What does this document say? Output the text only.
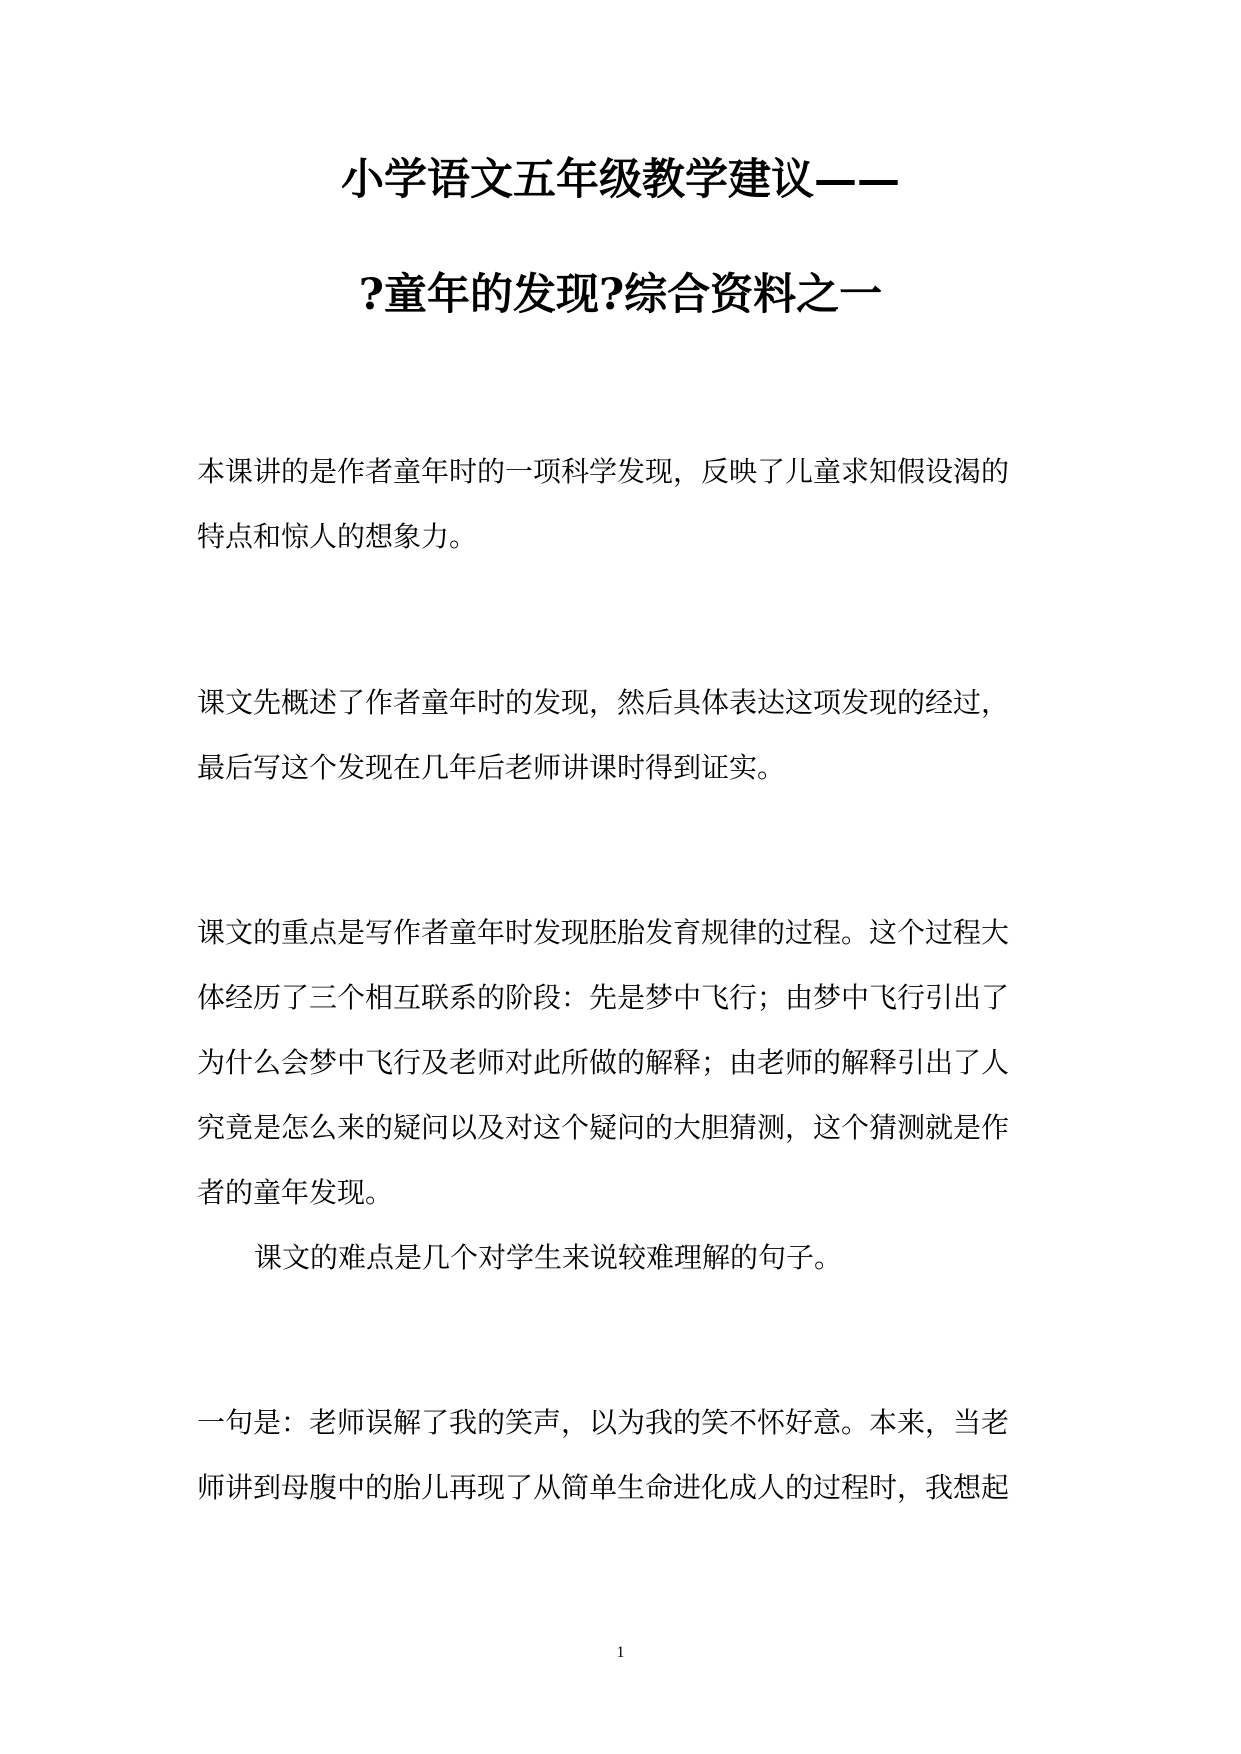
小学语文五年级教学建议——
?童年的发现?综合资料之一

本课讲的是作者童年时的一项科学发现，反映了儿童求知假设渴的

特点和惊人的想象力。

课文先概述了作者童年时的发现，然后具体表达这项发现的经过，

最后写这个发现在几年后老师讲课时得到证实。

课文的重点是写作者童年时发现胚胎发育规律的过程。这个过程大

体经历了三个相互联系的阶段：先是梦中飞行；由梦中飞行引出了

为什么会梦中飞行及老师对此所做的解释；由老师的解释引出了人

究竟是怎么来的疑问以及对这个疑问的大胆猜测，这个猜测就是作

者的童年发现。

课文的难点是几个对学生来说较难理解的句子。

一句是：老师误解了我的笑声，以为我的笑不怀好意。本来，当老

师讲到母腹中的胎儿再现了从简单生命进化成人的过程时，我想起

1
